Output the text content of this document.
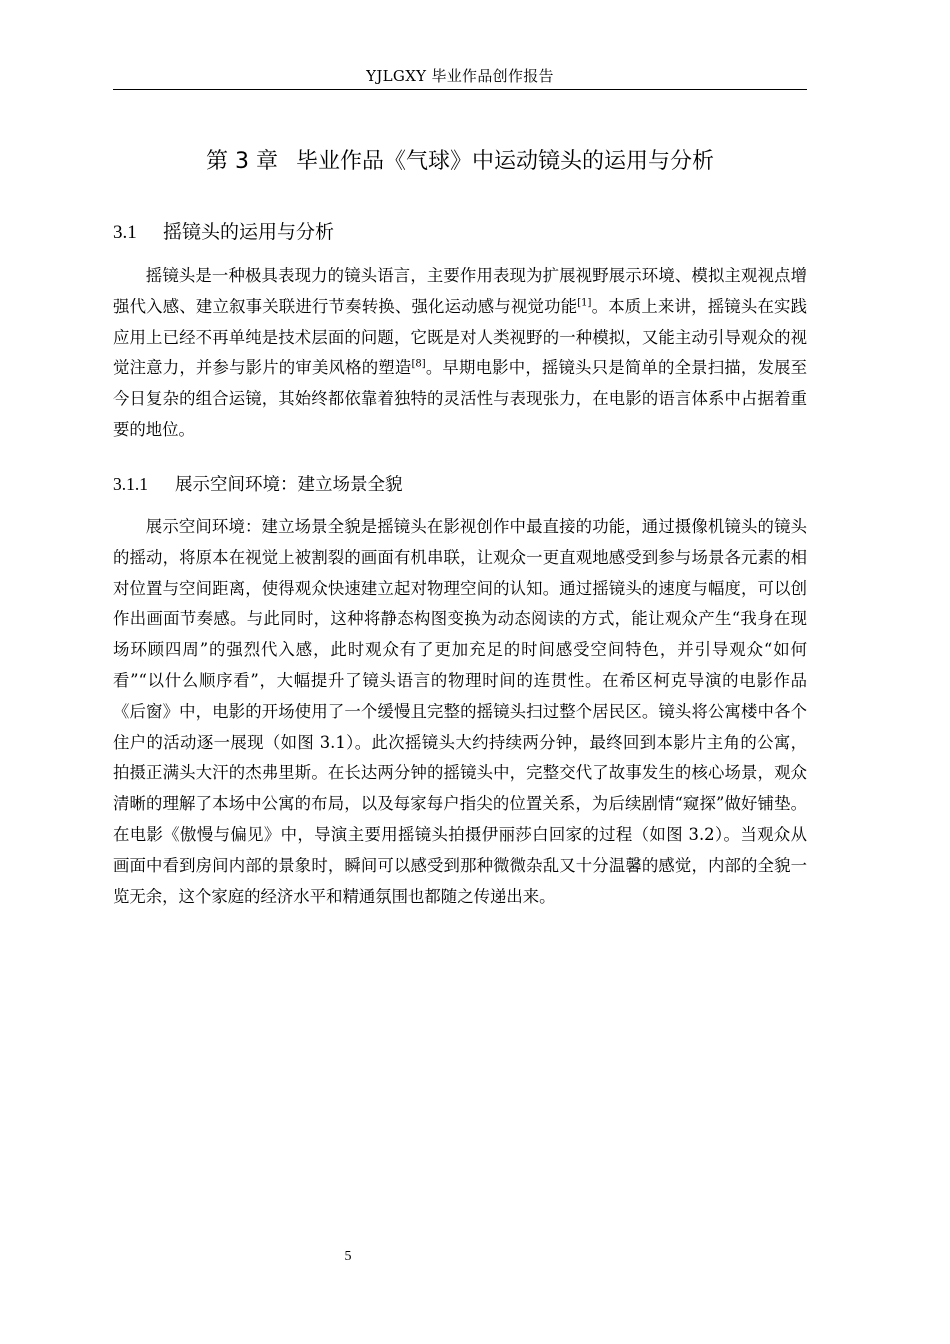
YJLGXY 毕业作品创作报告
第 3 章 毕业作品《气球》中运动镜头的运用与分析
3.1 摇镜头的运用与分析

摇镜头是一种极具表现力的镜头语言，主要作用表现为扩展视野展示环境、模拟主观视点增强代入感、建立叙事关联进行节奏转换、强化运动感与视觉功能[1]。本质上来讲，摇镜头在实践应用上已经不再单纯是技术层面的问题，它既是对人类视野的一种模拟，又能主动引导观众的视觉注意力，并参与影片的审美风格的塑造[8]。早期电影中，摇镜头只是简单的全景扫描，发展至今日复杂的组合运镜，其始终都依靠着独特的灵活性与表现张力，在电影的语言体系中占据着重要的地位。

3.1.1 展示空间环境：建立场景全貌

展示空间环境：建立场景全貌是摇镜头在影视创作中最直接的功能，通过摄像机镜头的镜头的摇动，将原本在视觉上被割裂的画面有机串联，让观众一更直观地感受到参与场景各元素的相对位置与空间距离，使得观众快速建立起对物理空间的认知。通过摇镜头的速度与幅度，可以创作出画面节奏感。与此同时，这种将静态构图变换为动态阅读的方式，能让观众产生“我身在现场环顾四周”的强烈代入感，此时观众有了更加充足的时间感受空间特色，并引导观众“如何看”“以什么顺序看”，大幅提升了镜头语言的物理时间的连贯性。在希区柯克导演的电影作品《后窗》中，电影的开场使用了一个缓慢且完整的摇镜头扫过整个居民区。镜头将公寓楼中各个住户的活动逐一展现（如图 3.1）。此次摇镜头大约持续两分钟，最终回到本影片主角的公寓，拍摄正满头大汗的杰弗里斯。在长达两分钟的摇镜头中，完整交代了故事发生的核心场景，观众清晰的理解了本场中公寓的布局，以及每家每户指尖的位置关系，为后续剧情“窥探”做好铺垫。在电影《傲慢与偏见》中，导演主要用摇镜头拍摄伊丽莎白回家的过程（如图 3.2）。当观众从画面中看到房间内部的景象时，瞬间可以感受到那种微微杂乱又十分温馨的感觉，内部的全貌一览无余，这个家庭的经济水平和精通氛围也都随之传递出来。

5
